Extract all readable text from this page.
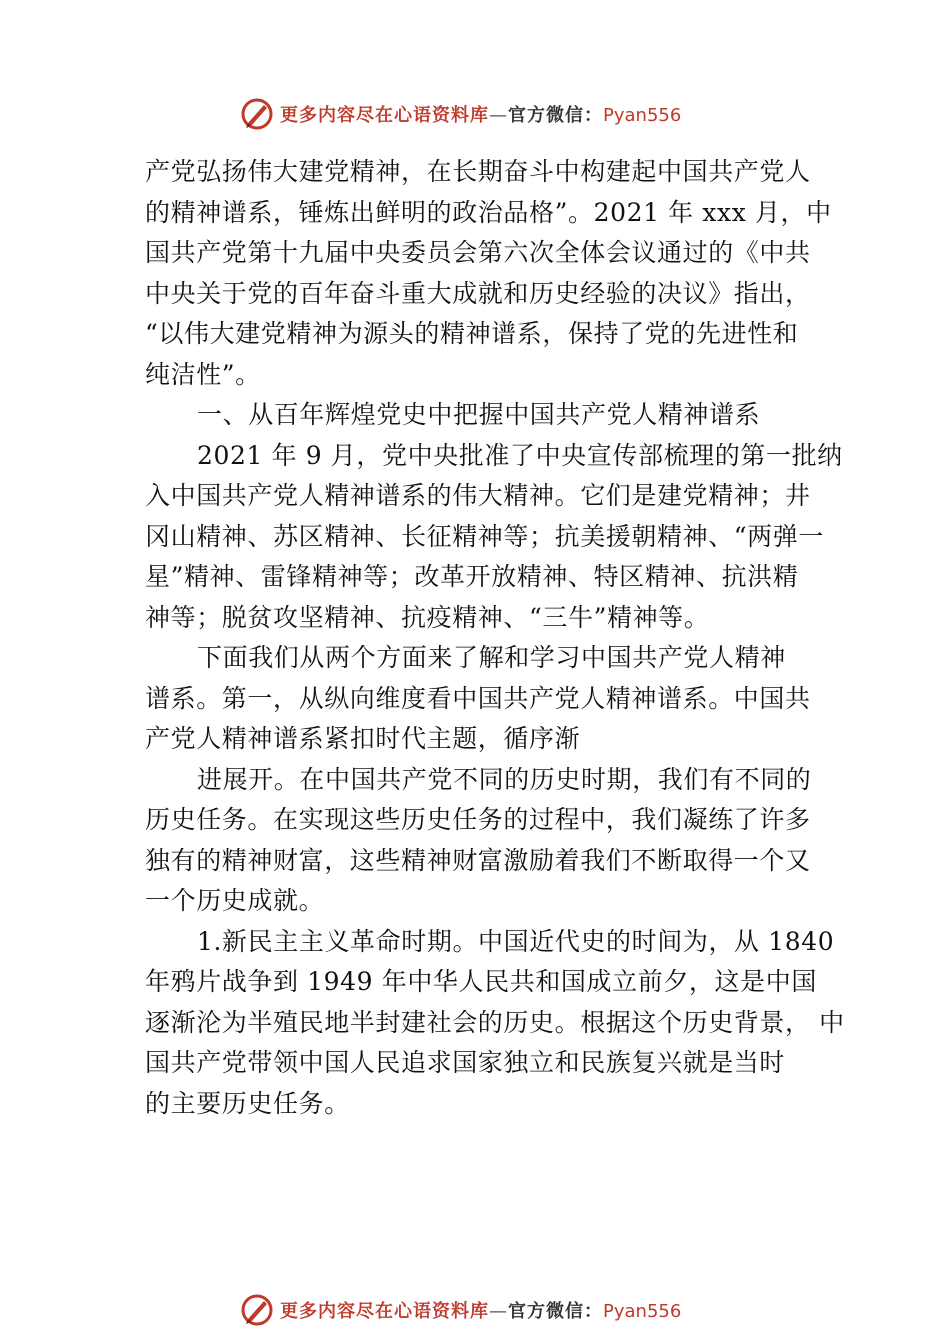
更多内容尽在心语资料库—官方微信：Pyan556
产党弘扬伟大建党精神，在长期奋斗中构建起中国共产党人
的精神谱系，锤炼出鲜明的政治品格”。2021 年 xxx 月，中
国共产党第十九届中央委员会第六次全体会议通过的《中共
中央关于党的百年奋斗重大成就和历史经验的决议》指出，
“以伟大建党精神为源头的精神谱系，保持了党的先进性和
纯洁性”。
一、从百年辉煌党史中把握中国共产党人精神谱系
2021 年 9 月，党中央批准了中央宣传部梳理的第一批纳
入中国共产党人精神谱系的伟大精神。它们是建党精神；井
冈山精神、苏区精神、长征精神等；抗美援朝精神、“两弹一
星”精神、雷锋精神等；改革开放精神、特区精神、抗洪精
神等；脱贫攻坚精神、抗疫精神、“三牛”精神等。
下面我们从两个方面来了解和学习中国共产党人精神
谱系。第一，从纵向维度看中国共产党人精神谱系。中国共
产党人精神谱系紧扣时代主题，循序渐
进展开。在中国共产党不同的历史时期，我们有不同的
历史任务。在实现这些历史任务的过程中，我们凝练了许多
独有的精神财富，这些精神财富激励着我们不断取得一个又
一个历史成就。
1.新民主主义革命时期。中国近代史的时间为，从 1840
年鸦片战争到 1949 年中华人民共和国成立前夕，这是中国
逐渐沦为半殖民地半封建社会的历史。根据这个历史背景， 中
国共产党带领中国人民追求国家独立和民族复兴就是当时
的主要历史任务。
更多内容尽在心语资料库—官方微信：Pyan556
